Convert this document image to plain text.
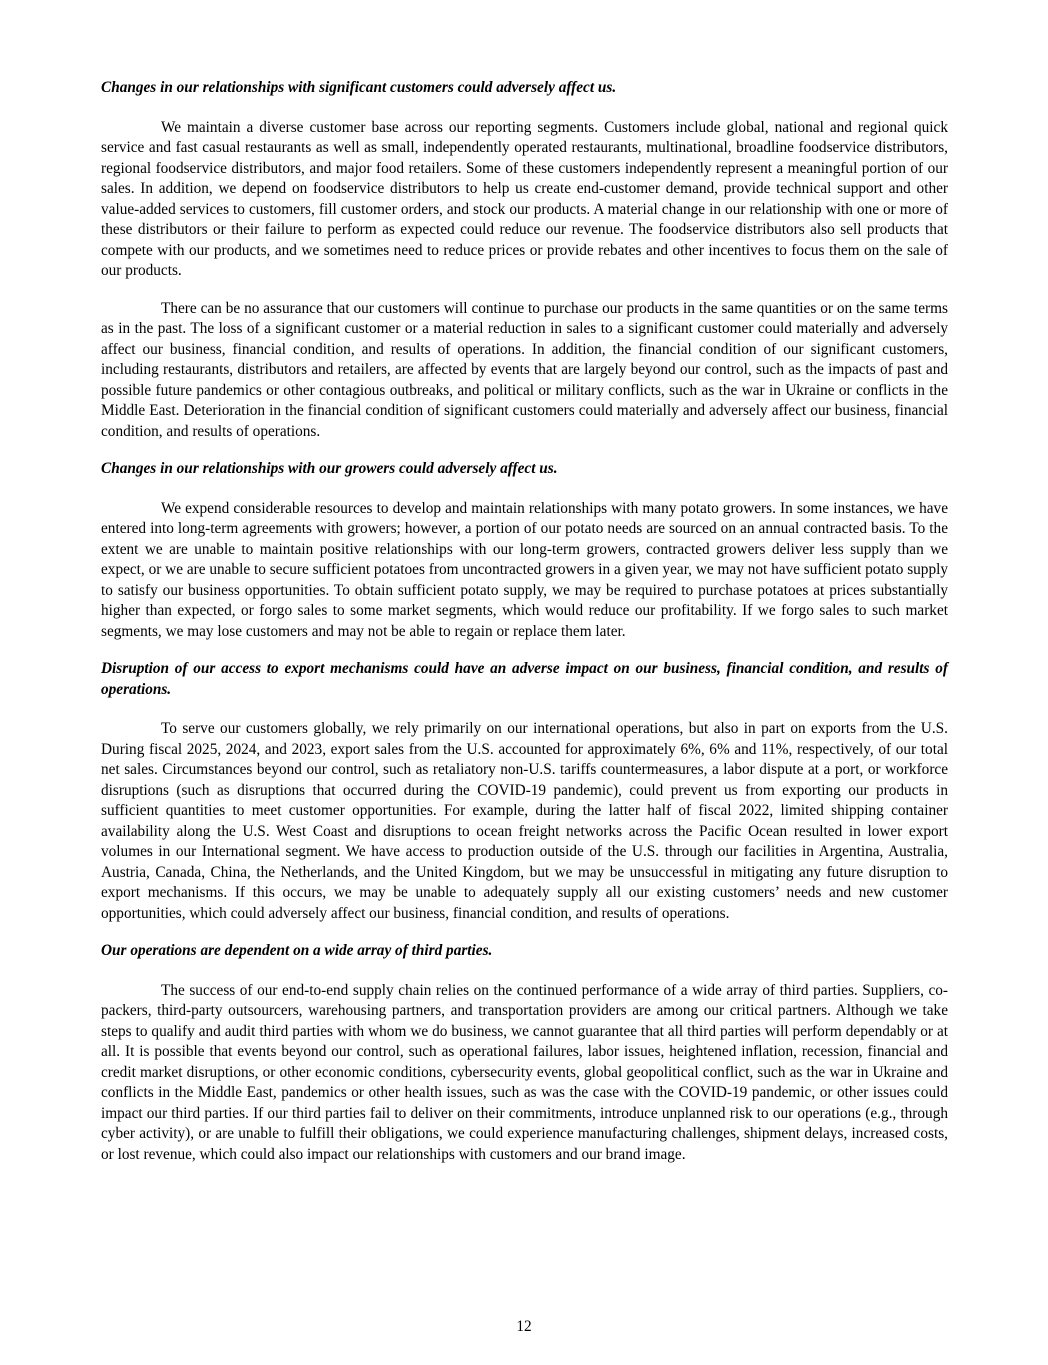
Changes in our relationships with significant customers could adversely affect us.

We maintain a diverse customer base across our reporting segments. Customers include global, national and regional quick service and fast casual restaurants as well as small, independently operated restaurants, multinational, broadline foodservice distributors, regional foodservice distributors, and major food retailers. Some of these customers independently represent a meaningful portion of our sales. In addition, we depend on foodservice distributors to help us create end-customer demand, provide technical support and other value-added services to customers, fill customer orders, and stock our products. A material change in our relationship with one or more of these distributors or their failure to perform as expected could reduce our revenue. The foodservice distributors also sell products that compete with our products, and we sometimes need to reduce prices or provide rebates and other incentives to focus them on the sale of our products.

There can be no assurance that our customers will continue to purchase our products in the same quantities or on the same terms as in the past. The loss of a significant customer or a material reduction in sales to a significant customer could materially and adversely affect our business, financial condition, and results of operations. In addition, the financial condition of our significant customers, including restaurants, distributors and retailers, are affected by events that are largely beyond our control, such as the impacts of past and possible future pandemics or other contagious outbreaks, and political or military conflicts, such as the war in Ukraine or conflicts in the Middle East. Deterioration in the financial condition of significant customers could materially and adversely affect our business, financial condition, and results of operations.

Changes in our relationships with our growers could adversely affect us.

We expend considerable resources to develop and maintain relationships with many potato growers. In some instances, we have entered into long-term agreements with growers; however, a portion of our potato needs are sourced on an annual contracted basis. To the extent we are unable to maintain positive relationships with our long-term growers, contracted growers deliver less supply than we expect, or we are unable to secure sufficient potatoes from uncontracted growers in a given year, we may not have sufficient potato supply to satisfy our business opportunities. To obtain sufficient potato supply, we may be required to purchase potatoes at prices substantially higher than expected, or forgo sales to some market segments, which would reduce our profitability. If we forgo sales to such market segments, we may lose customers and may not be able to regain or replace them later.

Disruption of our access to export mechanisms could have an adverse impact on our business, financial condition, and results of operations.

To serve our customers globally, we rely primarily on our international operations, but also in part on exports from the U.S. During fiscal 2025, 2024, and 2023, export sales from the U.S. accounted for approximately 6%, 6% and 11%, respectively, of our total net sales. Circumstances beyond our control, such as retaliatory non-U.S. tariffs countermeasures, a labor dispute at a port, or workforce disruptions (such as disruptions that occurred during the COVID-19 pandemic), could prevent us from exporting our products in sufficient quantities to meet customer opportunities. For example, during the latter half of fiscal 2022, limited shipping container availability along the U.S. West Coast and disruptions to ocean freight networks across the Pacific Ocean resulted in lower export volumes in our International segment. We have access to production outside of the U.S. through our facilities in Argentina, Australia, Austria, Canada, China, the Netherlands, and the United Kingdom, but we may be unsuccessful in mitigating any future disruption to export mechanisms. If this occurs, we may be unable to adequately supply all our existing customers’ needs and new customer opportunities, which could adversely affect our business, financial condition, and results of operations.

Our operations are dependent on a wide array of third parties.

The success of our end-to-end supply chain relies on the continued performance of a wide array of third parties. Suppliers, co-packers, third-party outsourcers, warehousing partners, and transportation providers are among our critical partners. Although we take steps to qualify and audit third parties with whom we do business, we cannot guarantee that all third parties will perform dependably or at all. It is possible that events beyond our control, such as operational failures, labor issues, heightened inflation, recession, financial and credit market disruptions, or other economic conditions, cybersecurity events, global geopolitical conflict, such as the war in Ukraine and conflicts in the Middle East, pandemics or other health issues, such as was the case with the COVID-19 pandemic, or other issues could impact our third parties. If our third parties fail to deliver on their commitments, introduce unplanned risk to our operations (e.g., through cyber activity), or are unable to fulfill their obligations, we could experience manufacturing challenges, shipment delays, increased costs, or lost revenue, which could also impact our relationships with customers and our brand image.

12
